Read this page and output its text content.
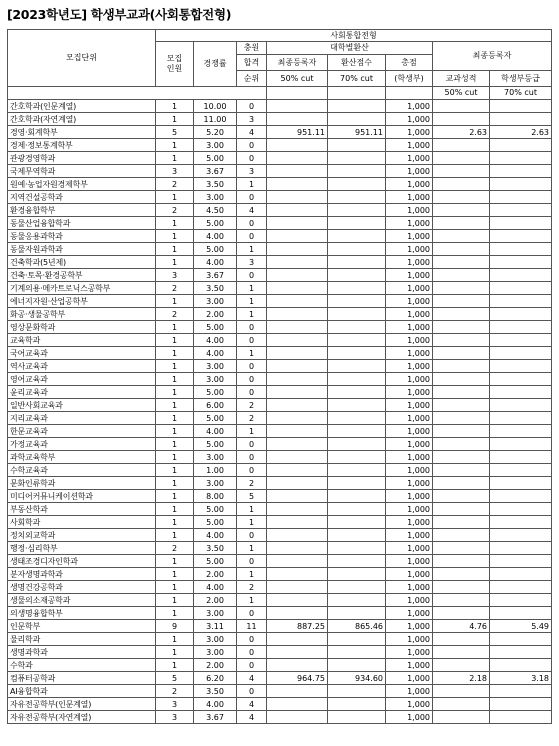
[2023학년도] 학생부교과(사회통합전형)
모집단위	사회통합전형							

	모집
인원	경쟁률	충원	대학별환산			최종등록자	
			합격	최종등록자	환산점수	총점		
			순위	50% cut	70% cut	(학생부)	교과성적	학생부등급

							50% cut	70% cut
간호학과(인문계열)	1	10.00	0			1,000		
간호학과(자연계열)	1	11.00	3			1,000		
경영·회계학부	5	5.20	4	951.11	951.11	1,000	2.63	2.63
경제·정보통계학부	1	3.00	0			1,000		
관광경영학과	1	5.00	0			1,000		
국제무역학과	3	3.67	3			1,000		
원예·농업자원경제학부	2	3.50	1			1,000		
지역건설공학과	1	3.00	0			1,000		
환경융합학부	2	4.50	4			1,000		
동물산업융합학과	1	5.00	0			1,000		
동물응용과학과	1	4.00	0			1,000		
동물자원과학과	1	5.00	1			1,000		
건축학과(5년제)	1	4.00	3			1,000		
건축·토목·환경공학부	3	3.67	0			1,000		
기계의용·메카트로닉스공학부	2	3.50	1			1,000		
에너지자원·산업공학부	1	3.00	1			1,000		
화공·생물공학부	2	2.00	1			1,000		
영상문화학과	1	5.00	0			1,000		
교육학과	1	4.00	0			1,000		
국어교육과	1	4.00	1			1,000		
역사교육과	1	3.00	0			1,000		
영어교육과	1	3.00	0			1,000		
윤리교육과	1	5.00	0			1,000		
일반사회교육과	1	6.00	2			1,000		
지리교육과	1	5.00	2			1,000		
한문교육과	1	4.00	1			1,000		
가정교육과	1	5.00	0			1,000		
과학교육학부	1	3.00	0			1,000		
수학교육과	1	1.00	0			1,000		
문화인류학과	1	3.00	2			1,000		
미디어커뮤니케이션학과	1	8.00	5			1,000		
부동산학과	1	5.00	1			1,000		
사회학과	1	5.00	1			1,000		
정치외교학과	1	4.00	0			1,000		
행정·심리학부	2	3.50	1			1,000		
생태조경디자인학과	1	5.00	0			1,000		
분자생명과학과	1	2.00	1			1,000		
생명건강공학과	1	4.00	2			1,000		
생물의소재공학과	1	2.00	1			1,000		
의생명융합학부	1	3.00	0			1,000		
인문학부	9	3.11	11	887.25	865.46	1,000	4.76	5.49
물리학과	1	3.00	0			1,000		
생명과학과	1	3.00	0			1,000		
수학과	1	2.00	0			1,000		
컴퓨터공학과	5	6.20	4	964.75	934.60	1,000	2.18	3.18
AI융합학과	2	3.50	0			1,000		
자유전공학부(인문계열)	3	4.00	4			1,000		
자유전공학부(자연계열)	3	3.67	4			1,000		
